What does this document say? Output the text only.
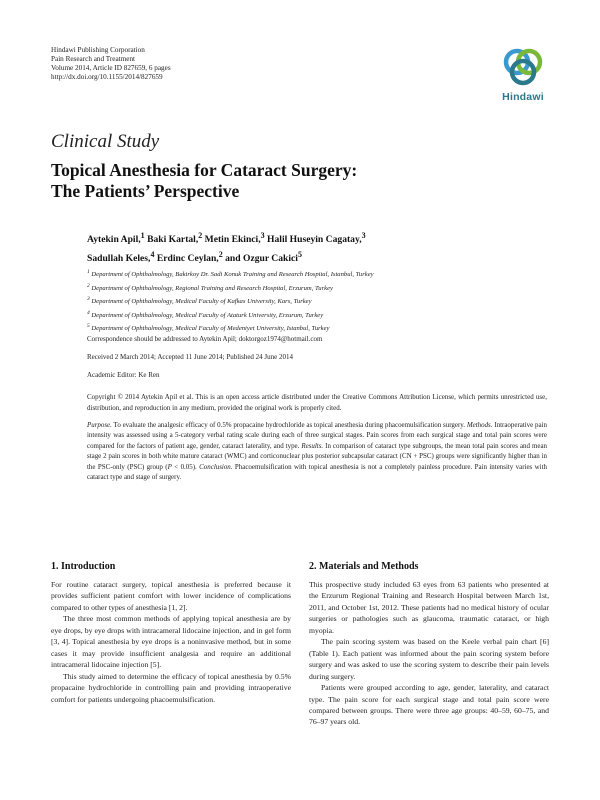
Hindawi Publishing Corporation
Pain Research and Treatment
Volume 2014, Article ID 827659, 6 pages
http://dx.doi.org/10.1155/2014/827659
Hindawi
Clinical Study
Topical Anesthesia for Cataract Surgery:
The Patients’ Perspective
Aytekin Apil,$^1$ Baki Kartal,$^2$ Metin Ekinci,$^3$ Halil Huseyin Cagatay,$^3$
Sadullah Keles,$^4$ Erdinc Ceylan,$^2$ and Ozgur Cakici$^5$
$^1$ Department of Ophthalmology, Bakirkoy Dr. Sadi Konuk Training and Research Hospital, Istanbul, Turkey
$^2$ Department of Ophthalmology, Regional Training and Research Hospital, Erzurum, Turkey
$^3$ Department of Ophthalmology, Medical Faculty of Kafkas University, Kars, Turkey
$^4$ Department of Ophthalmology, Medical Faculty of Ataturk University, Erzurum, Turkey
$^5$ Department of Ophthalmology, Medical Faculty of Medeniyet University, Istanbul, Turkey
Correspondence should be addressed to Aytekin Apil; doktorgoz1974@hotmail.com
Received 2 March 2014; Accepted 11 June 2014; Published 24 June 2014
Academic Editor: Ke Ren
Copyright © 2014 Aytekin Apil et al. This is an open access article distributed under the Creative Commons Attribution License, which permits unrestricted use, distribution, and reproduction in any medium, provided the original work is properly cited.
Purpose. To evaluate the analgesic efficacy of 0.5% propacaine hydrochloride as topical anesthesia during phacoemulsification surgery. Methods. Intraoperative pain intensity was assessed using a 5-category verbal rating scale during each of three surgical stages. Pain scores from each surgical stage and total pain scores were compared for the factors of patient age, gender, cataract laterality, and type. Results. In comparison of cataract type subgroups, the mean total pain scores and mean stage 2 pain scores in both white mature cataract (WMC) and corticonuclear plus posterior subcapsular cataract (CN + PSC) groups were significantly higher than in the PSC-only (PSC) group (P < 0.05). Conclusion. Phacoemulsification with topical anesthesia is not a completely painless procedure. Pain intensity varies with cataract type and stage of surgery.
1. Introduction	2. Materials and Methods

For routine cataract surgery, topical anesthesia is preferred because it provides sufficient patient comfort with lower incidence of complications compared to other types of anesthesia [1, 2].

The three most common methods of applying topical anesthesia are by eye drops, by eye drops with intracameral lidocaine injection, and in gel form [3, 4]. Topical anesthesia by eye drops is a noninvasive method, but in some cases it may provide insufficient analgesia and require an additional intracameral lidocaine injection [5].

This study aimed to determine the efficacy of topical anesthesia by 0.5% propacaine hydrochloride in controlling pain and providing intraoperative comfort for patients undergoing phacoemulsification.

This prospective study included 63 eyes from 63 patients who presented at the Erzurum Regional Training and Research Hospital between March 1st, 2011, and October 1st, 2012. These patients had no medical history of ocular surgeries or pathologies such as glaucoma, traumatic cataract, or high myopia.

The pain scoring system was based on the Keele verbal pain chart [6] (Table 1). Each patient was informed about the pain scoring system before surgery and was asked to use the scoring system to describe their pain levels during surgery.

Patients were grouped according to age, gender, laterality, and cataract type. The pain score for each surgical stage and total pain score were compared between groups. There were three age groups: 40–59, 60–75, and 76–97 years old.
